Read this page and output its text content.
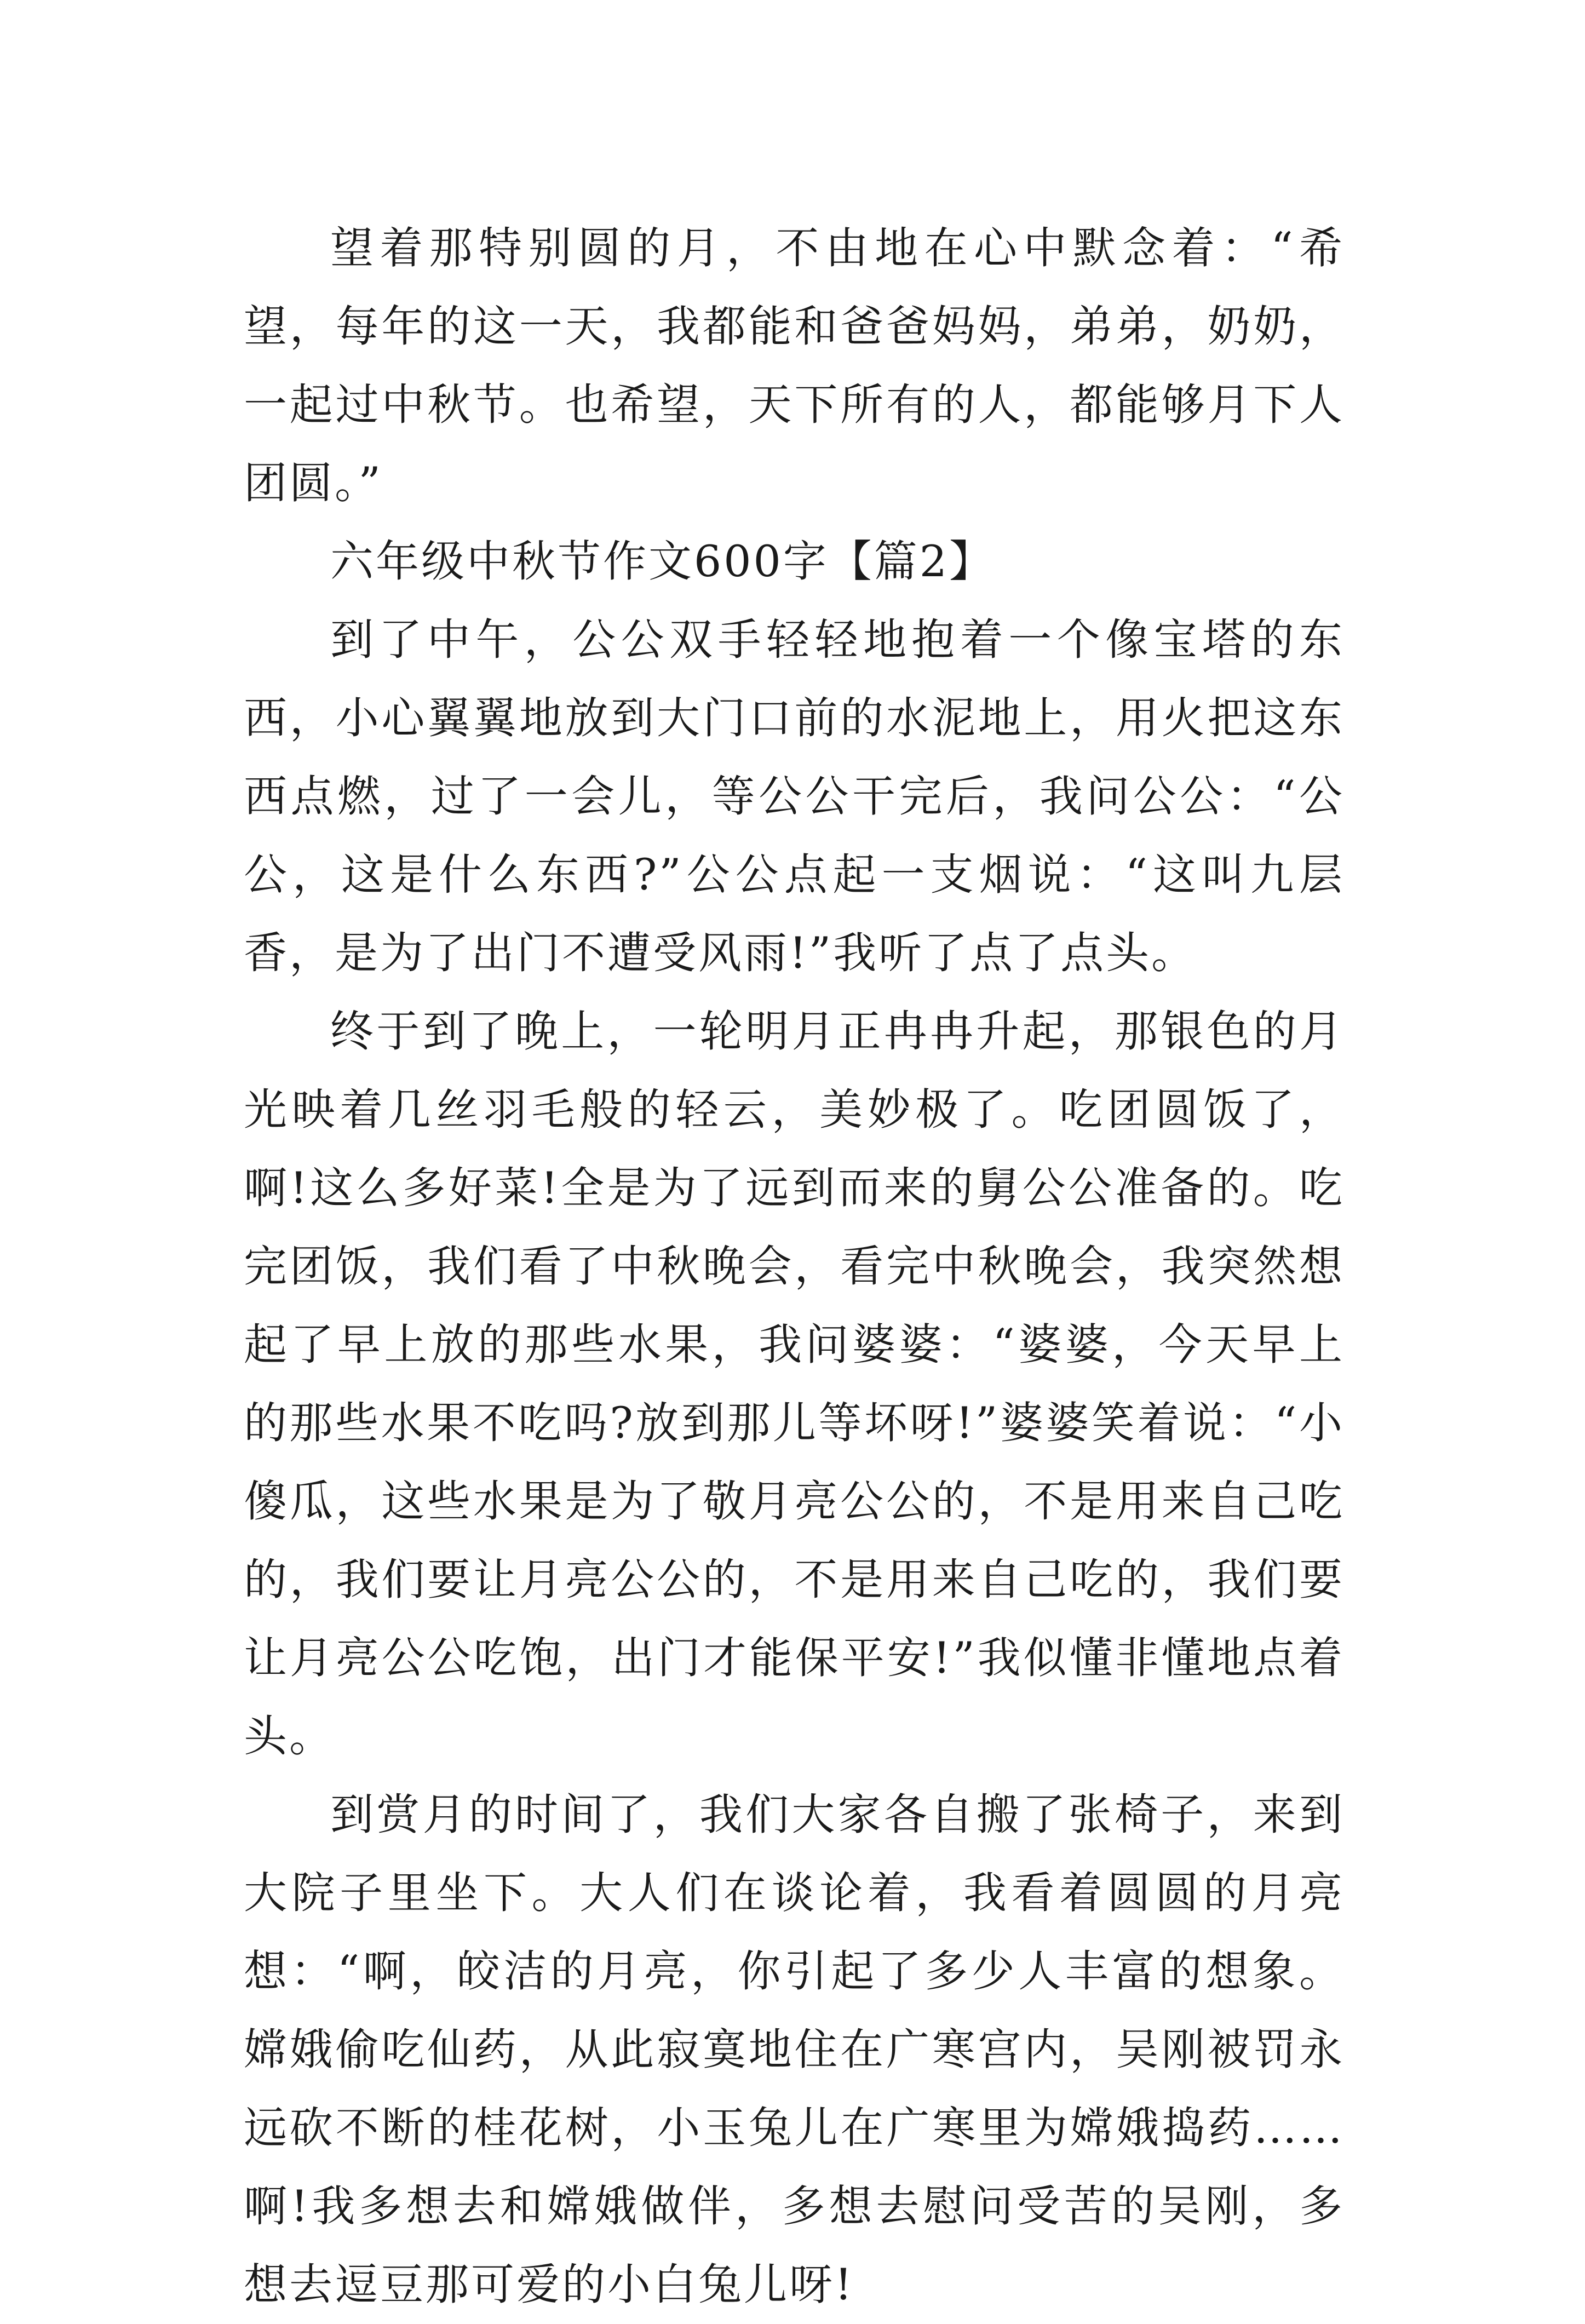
望着那特别圆的月，不由地在心中默念着：“希望，每年的这一天，我都能和爸爸妈妈，弟弟，奶奶，一起过中秋节。也希望，天下所有的人，都能够月下人团圆。”

六年级中秋节作文600字【篇2】

到了中午，公公双手轻轻地抱着一个像宝塔的东西，小心翼翼地放到大门口前的水泥地上，用火把这东西点燃，过了一会儿，等公公干完后，我问公公：“公公，这是什么东西?”公公点起一支烟说：“这叫九层香，是为了出门不遭受风雨!”我听了点了点头。

终于到了晚上，一轮明月正冉冉升起，那银色的月光映着几丝羽毛般的轻云，美妙极了。吃团圆饭了，啊!这么多好菜!全是为了远到而来的舅公公准备的。吃完团饭，我们看了中秋晚会，看完中秋晚会，我突然想起了早上放的那些水果，我问婆婆：“婆婆，今天早上的那些水果不吃吗?放到那儿等坏呀!”婆婆笑着说：“小傻瓜，这些水果是为了敬月亮公公的，不是用来自己吃的，我们要让月亮公公的，不是用来自己吃的，我们要让月亮公公吃饱，出门才能保平安!”我似懂非懂地点着头。

到赏月的时间了，我们大家各自搬了张椅子，来到大院子里坐下。大人们在谈论着，我看着圆圆的月亮想：“啊，皎洁的月亮，你引起了多少人丰富的想象。嫦娥偷吃仙药，从此寂寞地住在广寒宫内，吴刚被罚永远砍不断的桂花树，小玉兔儿在广寒里为嫦娥捣药……啊!我多想去和嫦娥做伴，多想去慰问受苦的吴刚，多想去逗豆那可爱的小白兔儿呀!
